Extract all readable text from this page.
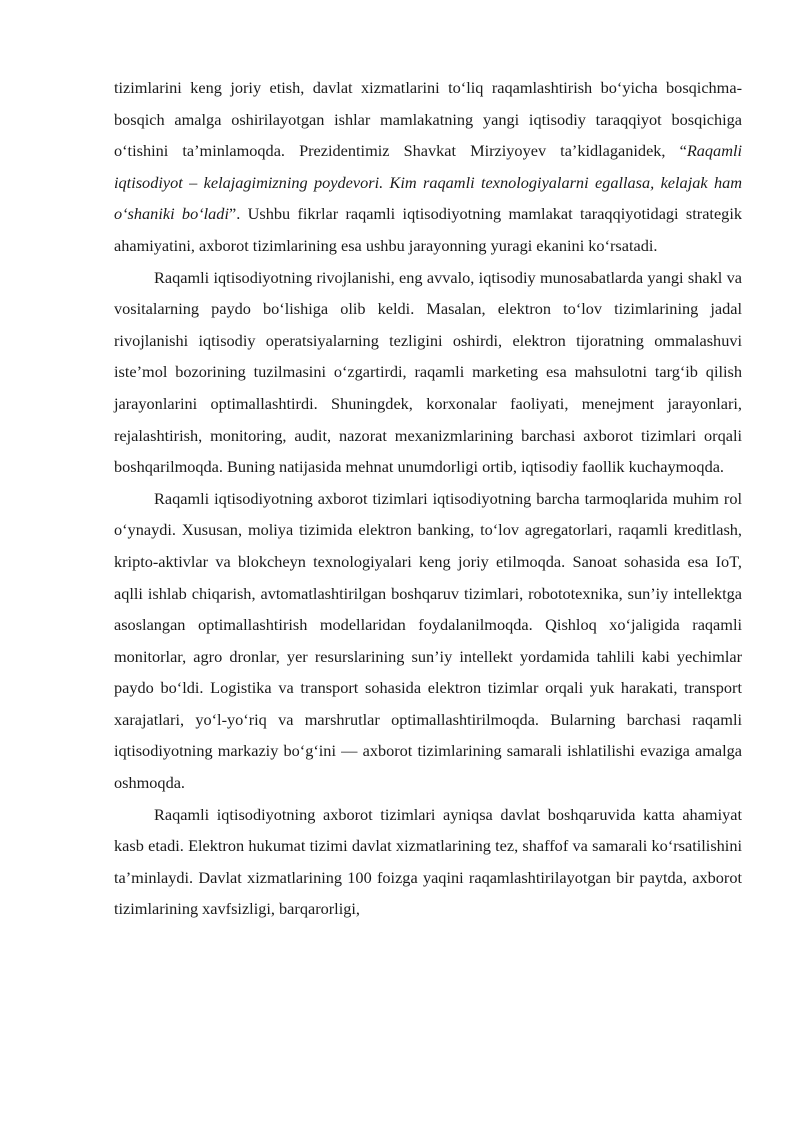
tizimlarini keng joriy etish, davlat xizmatlarini to‘liq raqamlashtirish bo‘yicha bosqichma-bosqich amalga oshirilayotgan ishlar mamlakatning yangi iqtisodiy taraqqiyot bosqichiga o‘tishini ta’minlamoqda. Prezidentimiz Shavkat Mirziyoyev ta’kidlaganidek, “Raqamli iqtisodiyot – kelajagimizning poydevori. Kim raqamli texnologiyalarni egallasa, kelajak ham o‘shaniki bo‘ladi”. Ushbu fikrlar raqamli iqtisodiyotning mamlakat taraqqiyotidagi strategik ahamiyatini, axborot tizimlarining esa ushbu jarayonning yuragi ekanini ko‘rsatadi.

Raqamli iqtisodiyotning rivojlanishi, eng avvalo, iqtisodiy munosabatlarda yangi shakl va vositalarning paydo bo‘lishiga olib keldi. Masalan, elektron to‘lov tizimlarining jadal rivojlanishi iqtisodiy operatsiyalarning tezligini oshirdi, elektron tijoratning ommalashuvi iste’mol bozorining tuzilmasini o‘zgartirdi, raqamli marketing esa mahsulotni targ‘ib qilish jarayonlarini optimallashtirdi. Shuningdek, korxonalar faoliyati, menejment jarayonlari, rejalashtirish, monitoring, audit, nazorat mexanizmlarining barchasi axborot tizimlari orqali boshqarilmoqda. Buning natijasida mehnat unumdorligi ortib, iqtisodiy faollik kuchaymoqda.

Raqamli iqtisodiyotning axborot tizimlari iqtisodiyotning barcha tarmoqlarida muhim rol o‘ynaydi. Xususan, moliya tizimida elektron banking, to‘lov agregatorlari, raqamli kreditlash, kripto-aktivlar va blokcheyn texnologiyalari keng joriy etilmoqda. Sanoat sohasida esa IoT, aqlli ishlab chiqarish, avtomatlashtirilgan boshqaruv tizimlari, robototexnika, sun’iy intellektga asoslangan optimallashtirish modellaridan foydalanilmoqda. Qishloq xo‘jaligida raqamli monitorlar, agro dronlar, yer resurslarining sun’iy intellekt yordamida tahlili kabi yechimlar paydo bo‘ldi. Logistika va transport sohasida elektron tizimlar orqali yuk harakati, transport xarajatlari, yo‘l-yo‘riq va marshrutlar optimallashtirilmoqda. Bularning barchasi raqamli iqtisodiyotning markaziy bo‘g‘ini — axborot tizimlarining samarali ishlatilishi evaziga amalga oshmoqda.

Raqamli iqtisodiyotning axborot tizimlari ayniqsa davlat boshqaruvida katta ahamiyat kasb etadi. Elektron hukumat tizimi davlat xizmatlarining tez, shaffof va samarali ko‘rsatilishini ta’minlaydi. Davlat xizmatlarining 100 foizga yaqini raqamlashtirilayotgan bir paytda, axborot tizimlarining xavfsizligi, barqarorligi,
